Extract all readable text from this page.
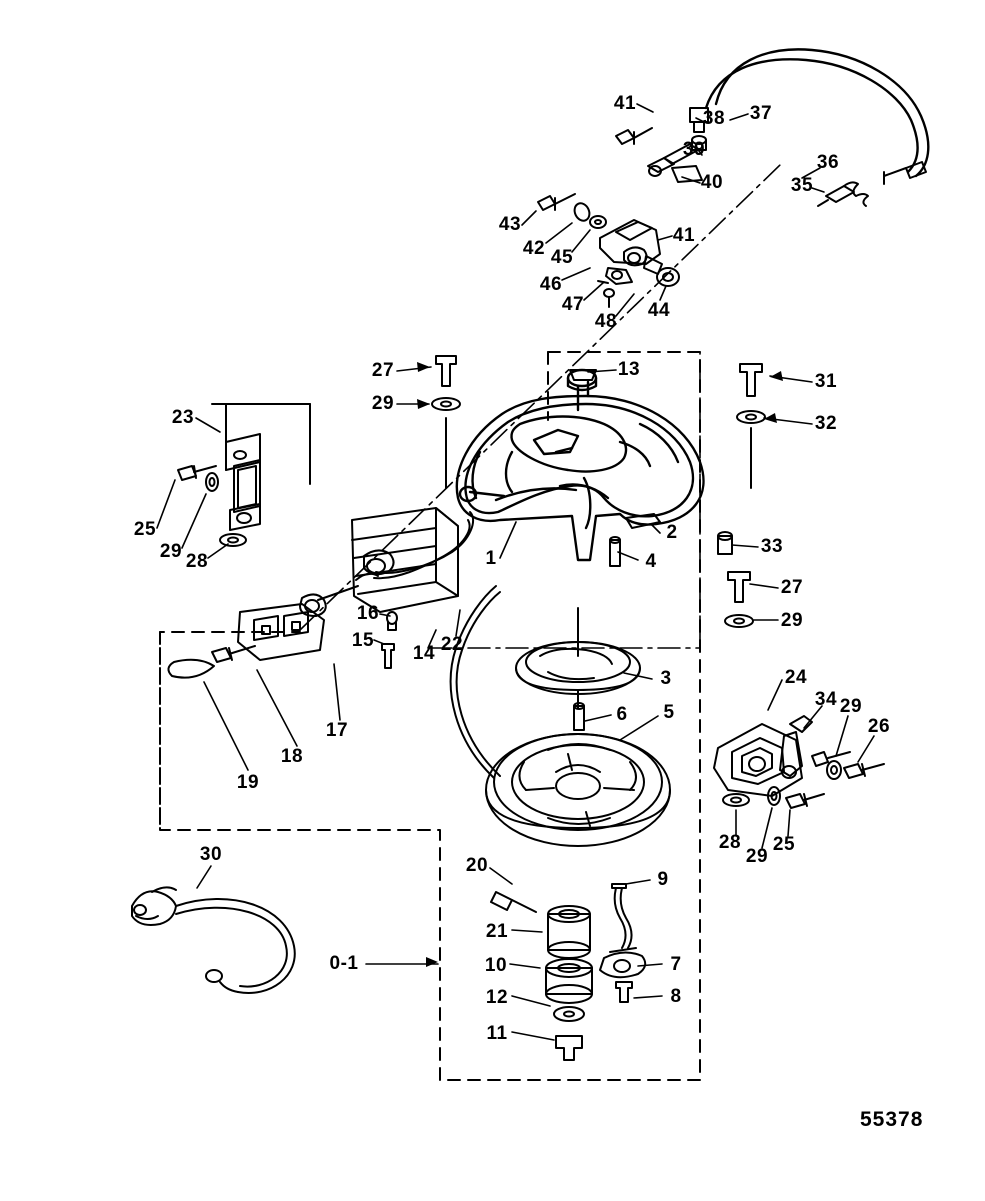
41
38 37
39
40
36
35
43
42 45
46
47
48
41
44
27
29
13
31
32
23
25
29 28	1
2
4
33
27
29
16
15
14 22
3	24
34 29
26
6 5
17
18
19
28
29
25
20
9
30
21
10	7
8
12
11
0-1
55378
